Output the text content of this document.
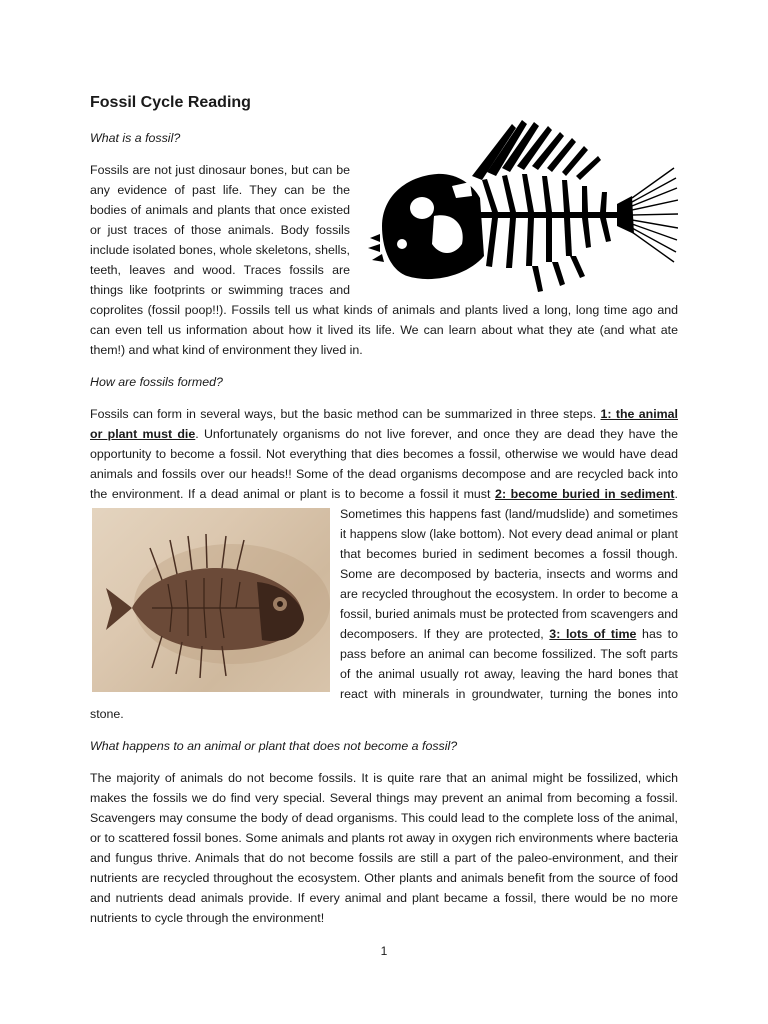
Fossil Cycle Reading
What is a fossil?

Fossils are not just dinosaur bones, but can be any evidence of past life. They can be the bodies of animals and plants that once existed or just traces of those animals. Body fossils include isolated bones, whole skeletons, shells, teeth, leaves and wood. Traces fossils are things like footprints or swimming traces and coprolites (fossil poop!!). Fossils tell us what kinds of animals and plants lived a long, long time ago and can even tell us information about how it lived its life. We can learn about what they ate (and what ate them!) and what kind of environment they lived in.

How are fossils formed?

Fossils can form in several ways, but the basic method can be summarized in three steps. 1: the animal or plant must die. Unfortunately organisms do not live forever, and once they are dead they have the opportunity to become a fossil. Not everything that dies becomes a fossil, otherwise we would have dead animals and fossils over our heads!! Some of the dead organisms decompose and are recycled back into the environment. If a dead animal or plant is to become a fossil it must 2: become buried in sediment. Sometimes this happens fast (land/mudslide) and sometimes it happens slow (lake bottom). Not every dead animal or plant that becomes buried in sediment becomes a fossil though. Some are decomposed by bacteria, insects and worms and are recycled throughout the ecosystem. In order to become a fossil, buried animals must be protected from scavengers and decomposers. If they are protected, 3: lots of time has to pass before an animal can become fossilized. The soft parts of the animal usually rot away, leaving the hard bones that react with minerals in groundwater, turning the bones into stone.

What happens to an animal or plant that does not become a fossil?

The majority of animals do not become fossils. It is quite rare that an animal might be fossilized, which makes the fossils we do find very special. Several things may prevent an animal from becoming a fossil. Scavengers may consume the body of dead organisms. This could lead to the complete loss of the animal, or to scattered fossil bones. Some animals and plants rot away in oxygen rich environments where bacteria and fungus thrive. Animals that do not become fossils are still a part of the paleo-environment, and their nutrients are recycled throughout the ecosystem. Other plants and animals benefit from the source of food and nutrients dead animals provide. If every animal and plant became a fossil, there would be no more nutrients to cycle through the environment!

1
